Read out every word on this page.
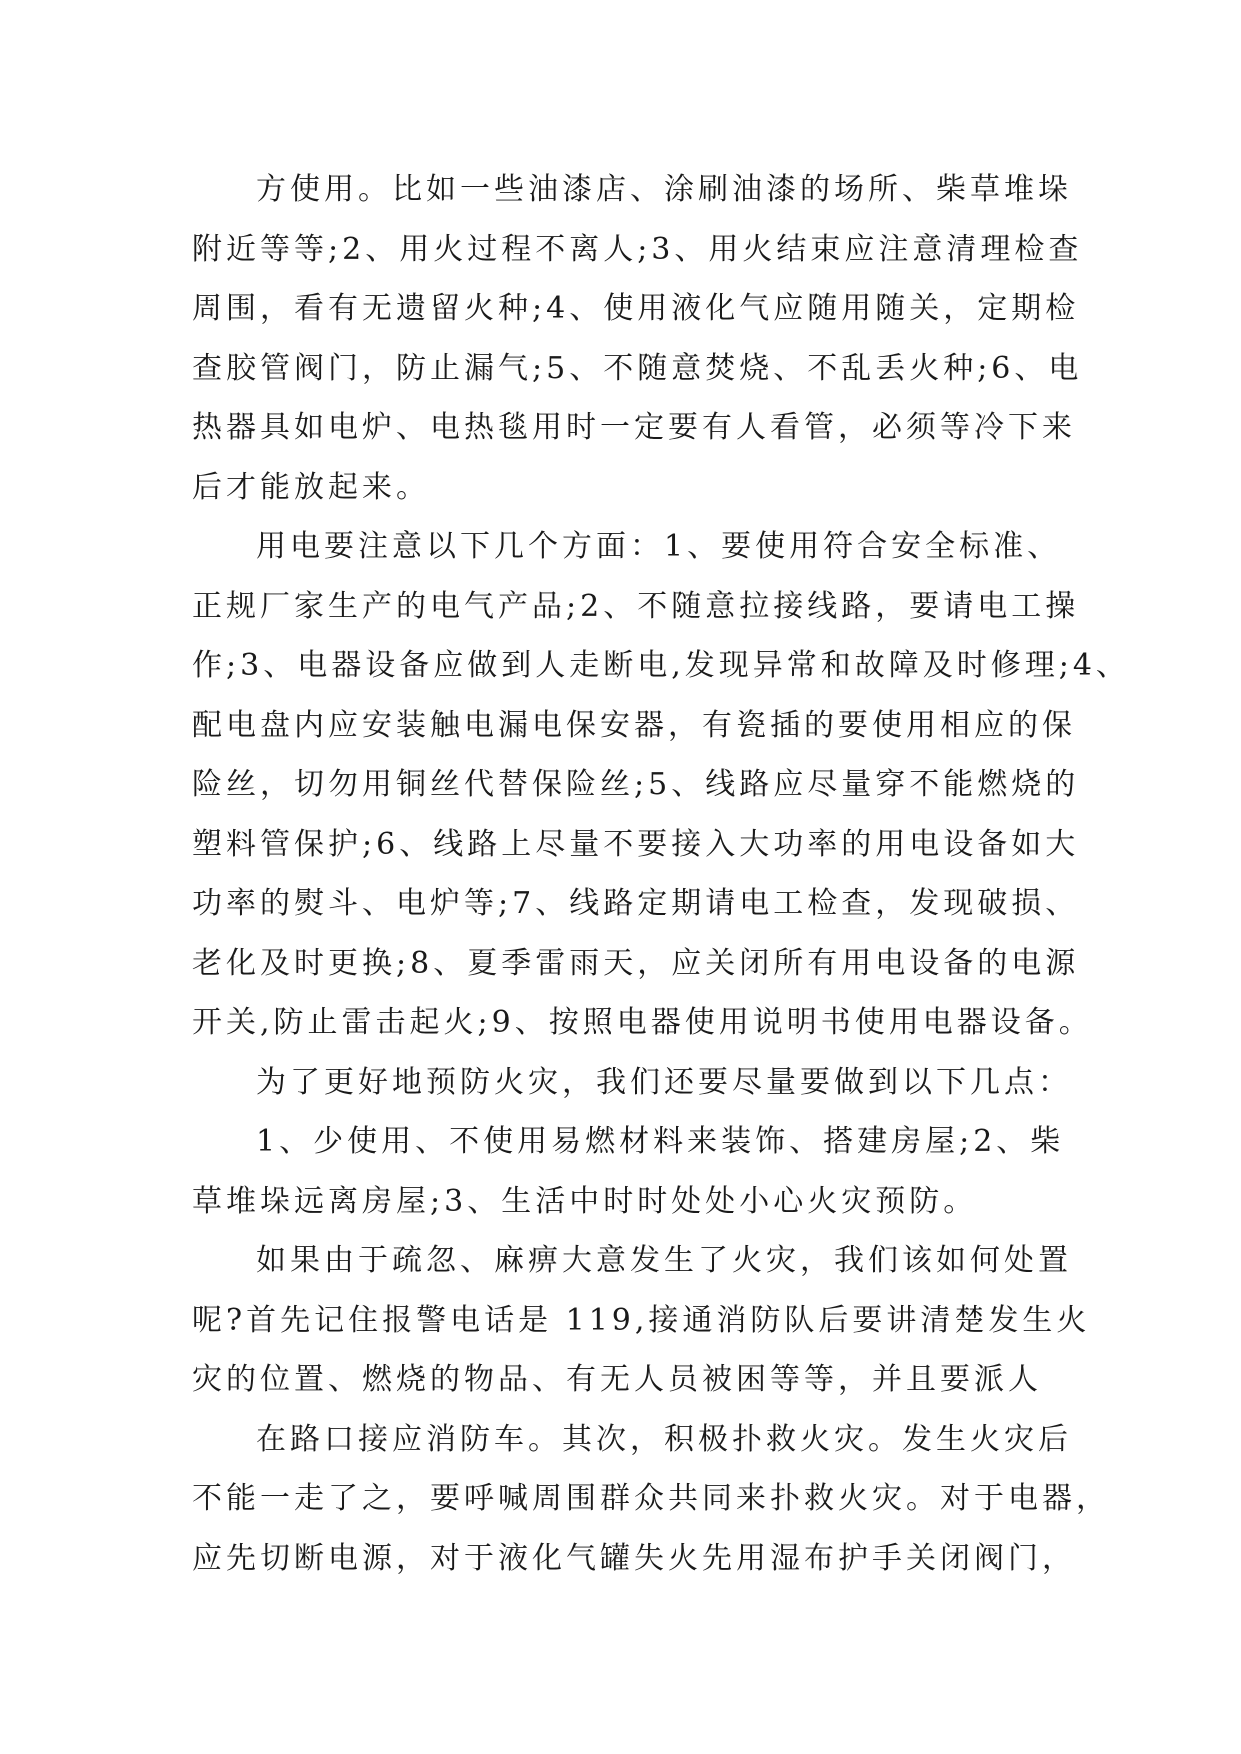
方使用。比如一些油漆店、涂刷油漆的场所、柴草堆垛
附近等等;2、用火过程不离人;3、用火结束应注意清理检查
周围，看有无遗留火种;4、使用液化气应随用随关，定期检
查胶管阀门，防止漏气;5、不随意焚烧、不乱丢火种;6、电
热器具如电炉、电热毯用时一定要有人看管，必须等冷下来
后才能放起来。
用电要注意以下几个方面：1、要使用符合安全标准、
正规厂家生产的电气产品;2、不随意拉接线路，要请电工操
作;3、电器设备应做到人走断电,发现异常和故障及时修理;4、
配电盘内应安装触电漏电保安器，有瓷插的要使用相应的保
险丝，切勿用铜丝代替保险丝;5、线路应尽量穿不能燃烧的
塑料管保护;6、线路上尽量不要接入大功率的用电设备如大
功率的熨斗、电炉等;7、线路定期请电工检查，发现破损、
老化及时更换;8、夏季雷雨天，应关闭所有用电设备的电源
开关,防止雷击起火;9、按照电器使用说明书使用电器设备。
为了更好地预防火灾，我们还要尽量要做到以下几点：
1、少使用、不使用易燃材料来装饰、搭建房屋;2、柴
草堆垛远离房屋;3、生活中时时处处小心火灾预防。
如果由于疏忽、麻痹大意发生了火灾，我们该如何处置
呢?首先记住报警电话是 119,接通消防队后要讲清楚发生火
灾的位置、燃烧的物品、有无人员被困等等，并且要派人
在路口接应消防车。其次，积极扑救火灾。发生火灾后
不能一走了之，要呼喊周围群众共同来扑救火灾。对于电器，
应先切断电源，对于液化气罐失火先用湿布护手关闭阀门，
